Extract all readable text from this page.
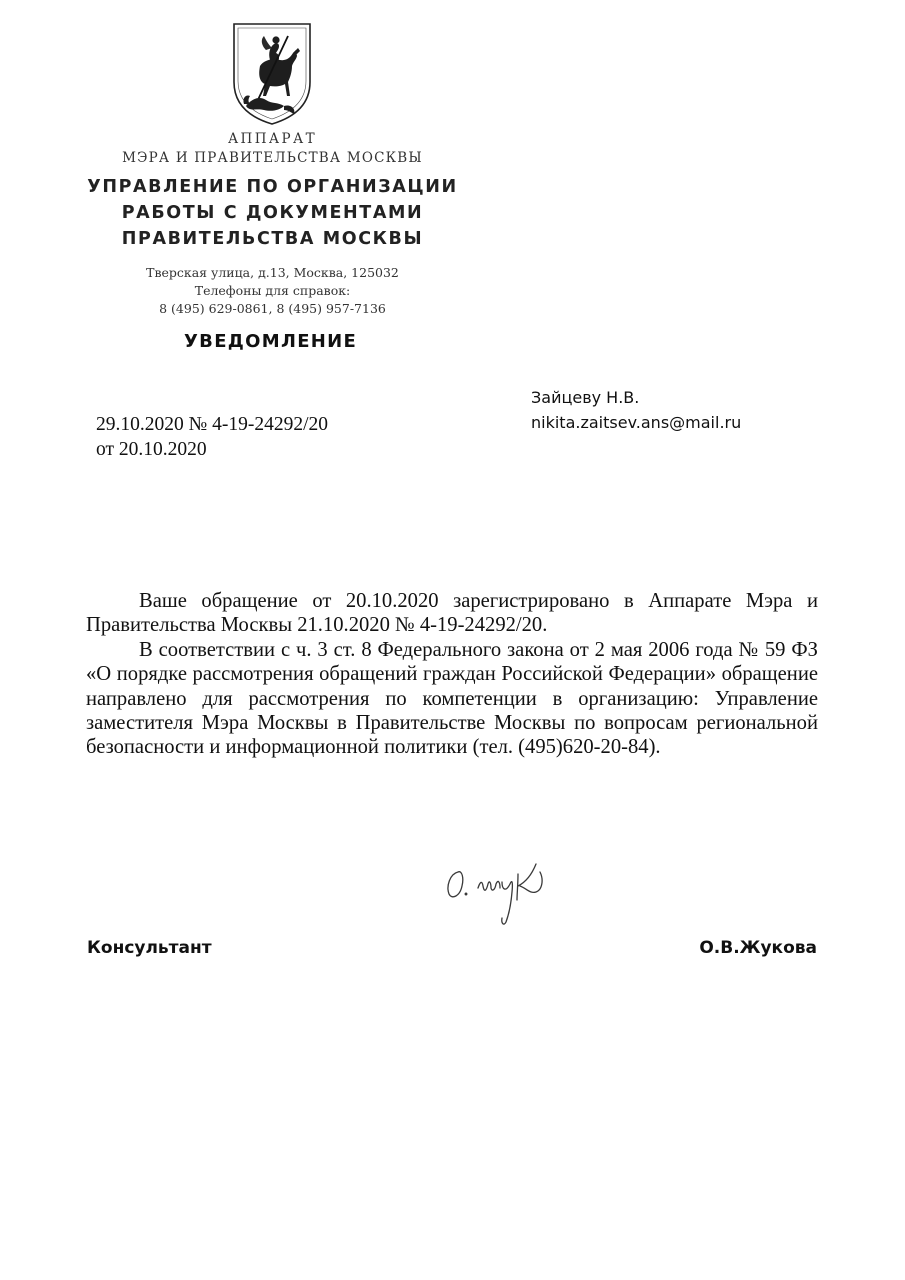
АППАРАТ
МЭРА И ПРАВИТЕЛЬСТВА МОСКВЫ
УПРАВЛЕНИЕ ПО ОРГАНИЗАЦИИ
РАБОТЫ С ДОКУМЕНТАМИ
ПРАВИТЕЛЬСТВА МОСКВЫ
Тверская улица, д.13, Москва, 125032
Телефоны для справок:
8 (495) 629-0861, 8 (495) 957-7136
УВЕДОМЛЕНИЕ
Зайцеву Н.В.
nikita.zaitsev.ans@mail.ru
29.10.2020 № 4-19-24292/20
от 20.10.2020

Ваше обращение от 20.10.2020 зарегистрировано в Аппарате Мэра и Правительства Москвы 21.10.2020 № 4-19-24292/20.

В соответствии с ч. 3 ст. 8 Федерального закона от 2 мая 2006 года № 59 ФЗ «О порядке рассмотрения обращений граждан Российской Федерации» обращение направлено для рассмотрения по компетенции в организацию: Управление заместителя Мэра Москвы в Правительстве Москвы по вопросам региональной безопасности и информационной политики (тел. (495)620-20-84).

Консультант	О.В.Жукова
